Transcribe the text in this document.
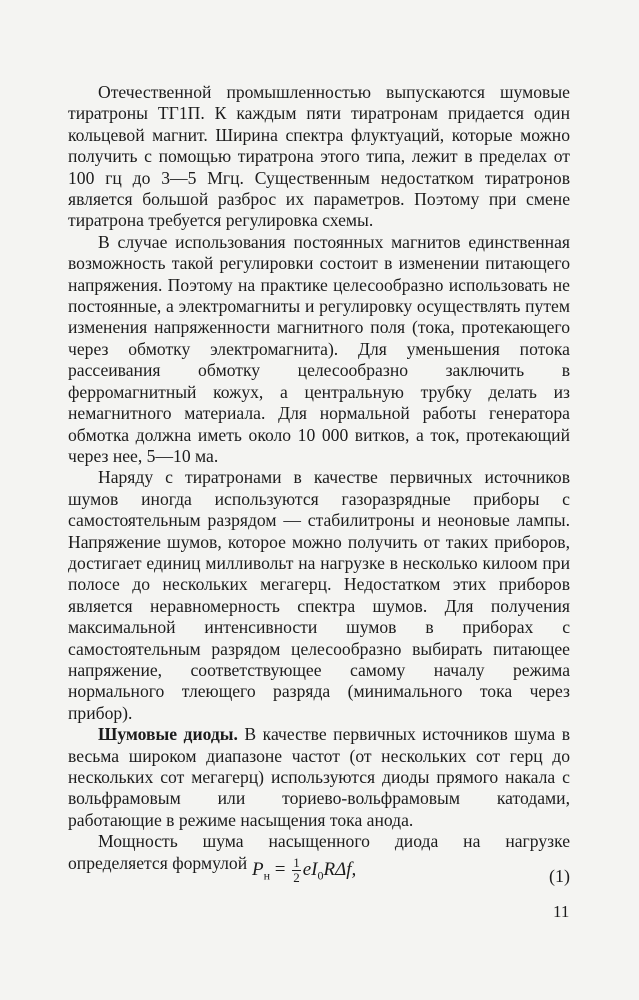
Отечественной промышленностью выпускаются шумовые тиратроны ТГ1П. К каждым пяти тиратронам придается один кольцевой магнит. Ширина спектра флуктуаций, которые можно получить с помощью тиратрона этого типа, лежит в пределах от 100 гц до 3—5 Мгц. Существенным недостатком тиратронов является большой разброс их параметров. Поэтому при смене тиратрона требуется регулировка схемы.

В случае использования постоянных магнитов единственная возможность такой регулировки состоит в изменении питающего напряжения. Поэтому на практике целесообразно использовать не постоянные, а электромагниты и регулировку осуществлять путем изменения напряженности магнитного поля (тока, протекающего через обмотку электромагнита). Для уменьшения потока рассеивания обмотку целесообразно заключить в ферромагнитный кожух, а центральную трубку делать из немагнитного материала. Для нормальной работы генератора обмотка должна иметь около 10 000 витков, а ток, протекающий через нее, 5—10 ма.

Наряду с тиратронами в качестве первичных источников шумов иногда используются газоразрядные приборы с самостоятельным разрядом — стабилитроны и неоновые лампы. Напряжение шумов, которое можно получить от таких приборов, достигает единиц милливольт на нагрузке в несколько килоом при полосе до нескольких мегагерц. Недостатком этих приборов является неравномерность спектра шумов. Для получения максимальной интенсивности шумов в приборах с самостоятельным разрядом целесообразно выбирать питающее напряжение, соответствующее самому началу режима нормального тлеющего разряда (минимального тока через прибор).

Шумовые диоды. В качестве первичных источников шума в весьма широком диапазоне частот (от нескольких сот герц до нескольких сот мегагерц) используются диоды прямого накала с вольфрамовым или ториево-вольфрамовым катодами, работающие в режиме насыщения тока анода.

Мощность шума насыщенного диода на нагрузке определяется формулой $P_н = \frac{1}{2} eI_0R\Delta f$,	(1)
11
